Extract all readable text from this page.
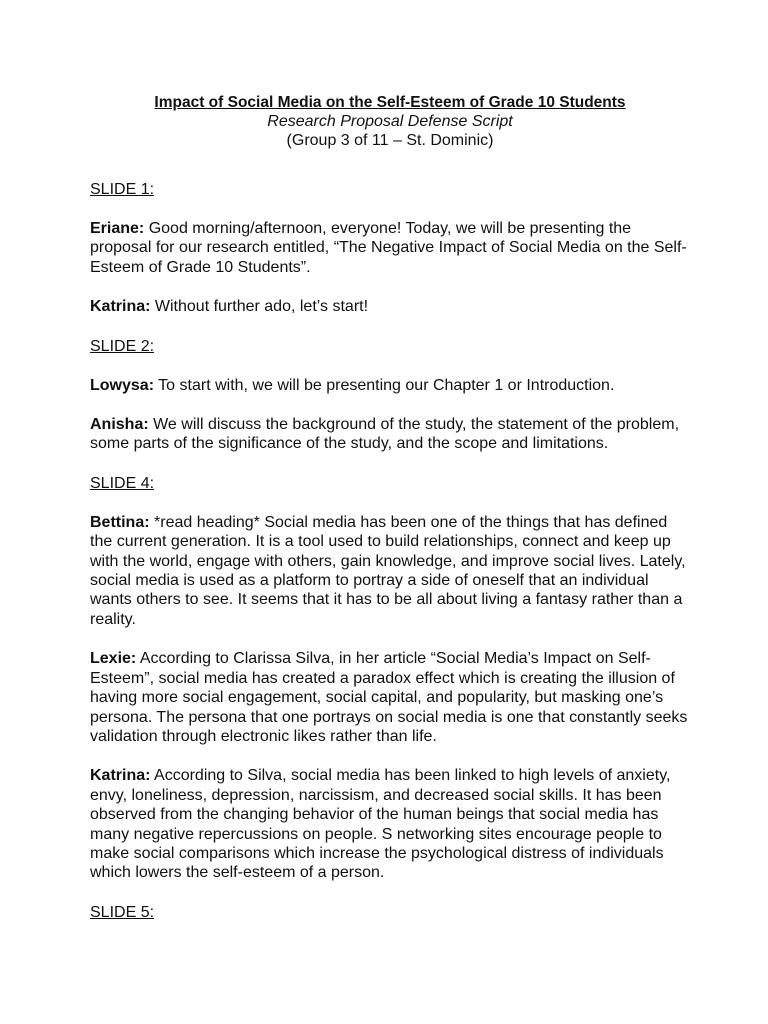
Impact of Social Media on the Self-Esteem of Grade 10 Students
Research Proposal Defense Script
(Group 3 of 11 – St. Dominic)
SLIDE 1:
Eriane: Good morning/afternoon, everyone! Today, we will be presenting the proposal for our research entitled, “The Negative Impact of Social Media on the Self-Esteem of Grade 10 Students”.
Katrina: Without further ado, let’s start!
SLIDE 2:
Lowysa: To start with, we will be presenting our Chapter 1 or Introduction.
Anisha: We will discuss the background of the study, the statement of the problem, some parts of the significance of the study, and the scope and limitations.
SLIDE 4:
Bettina: *read heading* Social media has been one of the things that has defined the current generation. It is a tool used to build relationships, connect and keep up with the world, engage with others, gain knowledge, and improve social lives. Lately, social media is used as a platform to portray a side of oneself that an individual wants others to see. It seems that it has to be all about living a fantasy rather than a reality.
Lexie: According to Clarissa Silva, in her article “Social Media’s Impact on Self-Esteem”, social media has created a paradox effect which is creating the illusion of having more social engagement, social capital, and popularity, but masking one’s persona. The persona that one portrays on social media is one that constantly seeks validation through electronic likes rather than life.
Katrina: According to Silva, social media has been linked to high levels of anxiety, envy, loneliness, depression, narcissism, and decreased social skills. It has been observed from the changing behavior of the human beings that social media has many negative repercussions on people. S networking sites encourage people to make social comparisons which increase the psychological distress of individuals which lowers the self-esteem of a person.
SLIDE 5:
